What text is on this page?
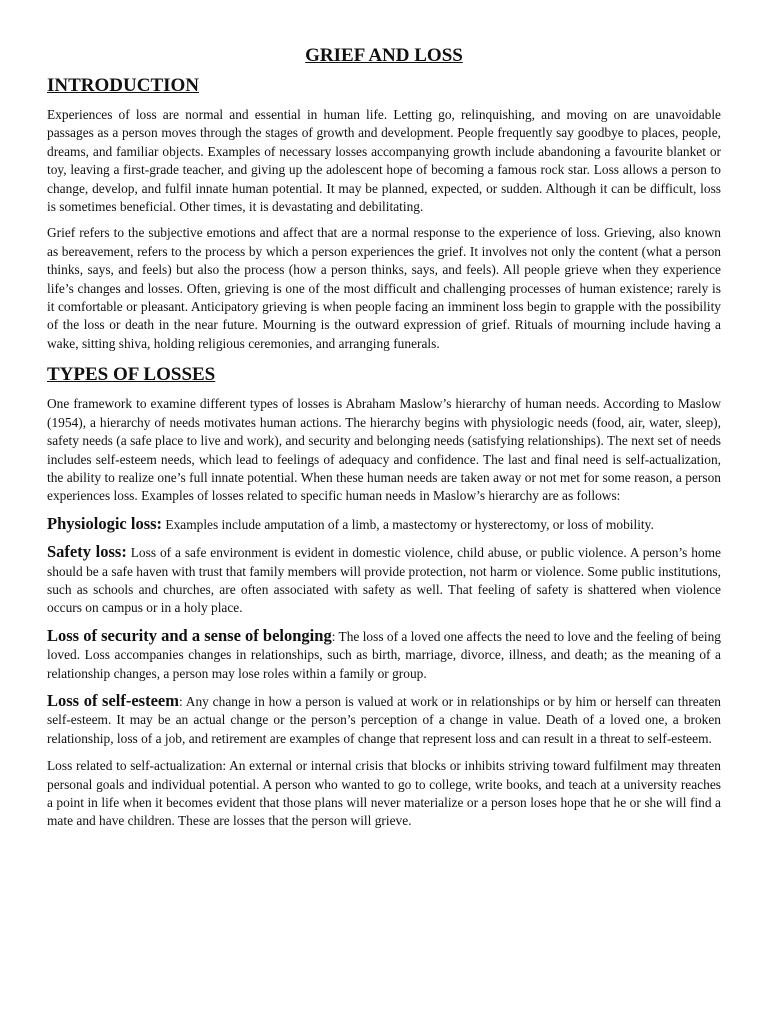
GRIEF AND LOSS
INTRODUCTION

Experiences of loss are normal and essential in human life. Letting go, relinquishing, and moving on are unavoidable passages as a person moves through the stages of growth and development. People frequently say goodbye to places, people, dreams, and familiar objects. Examples of necessary losses accompanying growth include abandoning a favourite blanket or toy, leaving a first-grade teacher, and giving up the adolescent hope of becoming a famous rock star. Loss allows a person to change, develop, and fulfil innate human potential. It may be planned, expected, or sudden. Although it can be difficult, loss is sometimes beneficial. Other times, it is devastating and debilitating.

Grief refers to the subjective emotions and affect that are a normal response to the experience of loss. Grieving, also known as bereavement, refers to the process by which a person experiences the grief. It involves not only the content (what a person thinks, says, and feels) but also the process (how a person thinks, says, and feels). All people grieve when they experience life’s changes and losses. Often, grieving is one of the most difficult and challenging processes of human existence; rarely is it comfortable or pleasant. Anticipatory grieving is when people facing an imminent loss begin to grapple with the possibility of the loss or death in the near future. Mourning is the outward expression of grief. Rituals of mourning include having a wake, sitting shiva, holding religious ceremonies, and arranging funerals.

TYPES OF LOSSES

One framework to examine different types of losses is Abraham Maslow’s hierarchy of human needs. According to Maslow (1954), a hierarchy of needs motivates human actions. The hierarchy begins with physiologic needs (food, air, water, sleep), safety needs (a safe place to live and work), and security and belonging needs (satisfying relationships). The next set of needs includes self-esteem needs, which lead to feelings of adequacy and confidence. The last and final need is self-actualization, the ability to realize one’s full innate potential. When these human needs are taken away or not met for some reason, a person experiences loss. Examples of losses related to specific human needs in Maslow’s hierarchy are as follows:

Physiologic loss: Examples include amputation of a limb, a mastectomy or hysterectomy, or loss of mobility.

Safety loss: Loss of a safe environment is evident in domestic violence, child abuse, or public violence. A person’s home should be a safe haven with trust that family members will provide protection, not harm or violence. Some public institutions, such as schools and churches, are often associated with safety as well. That feeling of safety is shattered when violence occurs on campus or in a holy place.

Loss of security and a sense of belonging: The loss of a loved one affects the need to love and the feeling of being loved. Loss accompanies changes in relationships, such as birth, marriage, divorce, illness, and death; as the meaning of a relationship changes, a person may lose roles within a family or group.

Loss of self-esteem: Any change in how a person is valued at work or in relationships or by him or herself can threaten self-esteem. It may be an actual change or the person’s perception of a change in value. Death of a loved one, a broken relationship, loss of a job, and retirement are examples of change that represent loss and can result in a threat to self-esteem.

Loss related to self-actualization: An external or internal crisis that blocks or inhibits striving toward fulfilment may threaten personal goals and individual potential. A person who wanted to go to college, write books, and teach at a university reaches a point in life when it becomes evident that those plans will never materialize or a person loses hope that he or she will find a mate and have children. These are losses that the person will grieve.
